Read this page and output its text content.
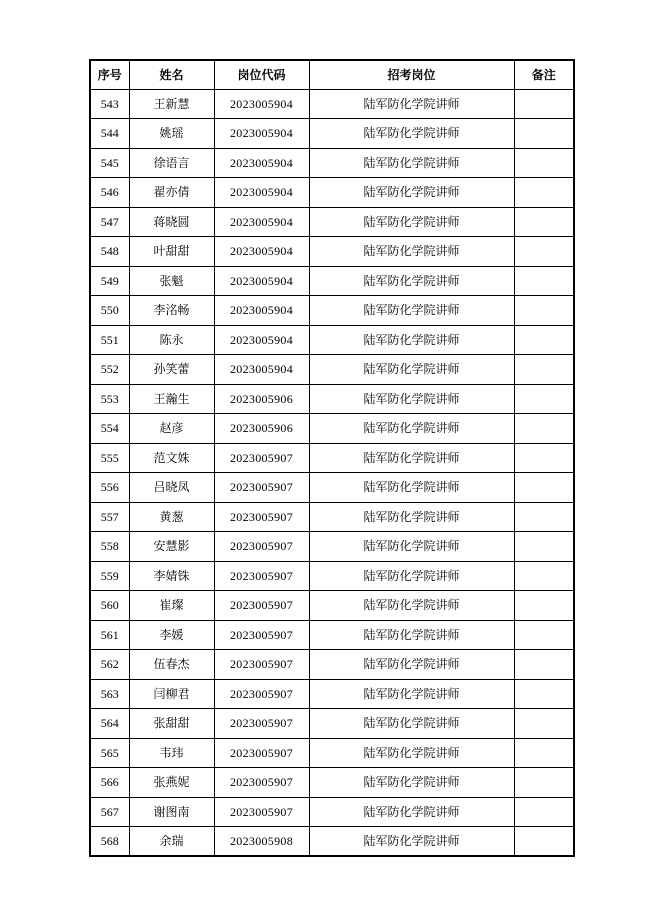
序号	姓名	岗位代码	招考岗位	备注
543	王新慧	2023005904	陆军防化学院讲师	
544	姚瑶	2023005904	陆军防化学院讲师	
545	徐语言	2023005904	陆军防化学院讲师	
546	翟亦倩	2023005904	陆军防化学院讲师	
547	蒋晓圆	2023005904	陆军防化学院讲师	
548	叶甜甜	2023005904	陆军防化学院讲师	
549	张魁	2023005904	陆军防化学院讲师	
550	李洺畅	2023005904	陆军防化学院讲师	
551	陈永	2023005904	陆军防化学院讲师	
552	孙笑蕾	2023005904	陆军防化学院讲师	
553	王瀚生	2023005906	陆军防化学院讲师	
554	赵彦	2023005906	陆军防化学院讲师	
555	范文姝	2023005907	陆军防化学院讲师	
556	吕晓凤	2023005907	陆军防化学院讲师	
557	黄葱	2023005907	陆军防化学院讲师	
558	安慧影	2023005907	陆军防化学院讲师	
559	李婧铢	2023005907	陆军防化学院讲师	
560	崔璨	2023005907	陆军防化学院讲师	
561	李媛	2023005907	陆军防化学院讲师	
562	伍春杰	2023005907	陆军防化学院讲师	
563	闫柳君	2023005907	陆军防化学院讲师	
564	张甜甜	2023005907	陆军防化学院讲师	
565	韦玮	2023005907	陆军防化学院讲师	
566	张燕妮	2023005907	陆军防化学院讲师	
567	谢图南	2023005907	陆军防化学院讲师	
568	余瑞	2023005908	陆军防化学院讲师	
